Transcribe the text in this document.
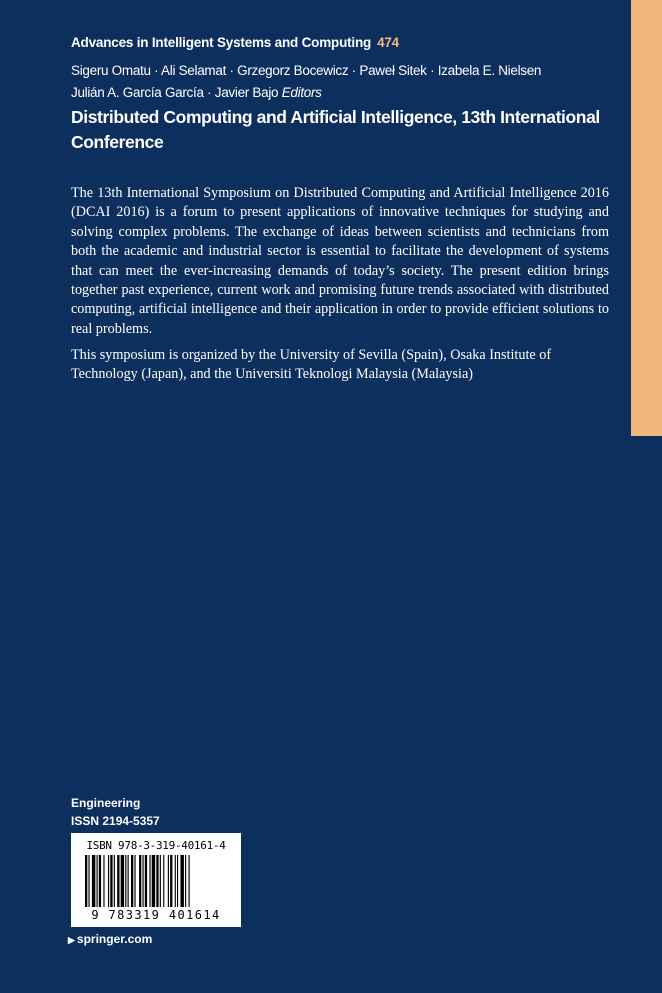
Advances in Intelligent Systems and Computing 474
Sigeru Omatu · Ali Selamat · Grzegorz Bocewicz · Paweł Sitek · Izabela E. Nielsen
Julián A. García García · Javier Bajo Editors
Distributed Computing and Artificial Intelligence, 13th International Conference

The 13th International Symposium on Distributed Computing and Artificial Intelligence 2016 (DCAI 2016) is a forum to present applications of innovative techniques for studying and solving complex problems. The exchange of ideas between scientists and technicians from both the academic and industrial sector is essential to facilitate the development of systems that can meet the ever-increasing demands of today’s society. The present edition brings together past experience, current work and promising future trends associated with distributed computing, artificial intelligence and their application in order to provide efficient solutions to real problems.

This symposium is organized by the University of Sevilla (Spain), Osaka Institute of Technology (Japan), and the Universiti Teknologi Malaysia (Malaysia)

Engineering
ISSN 2194-5357
ISBN 978-3-319-40161-4
9 783319 401614
▶ springer.com
